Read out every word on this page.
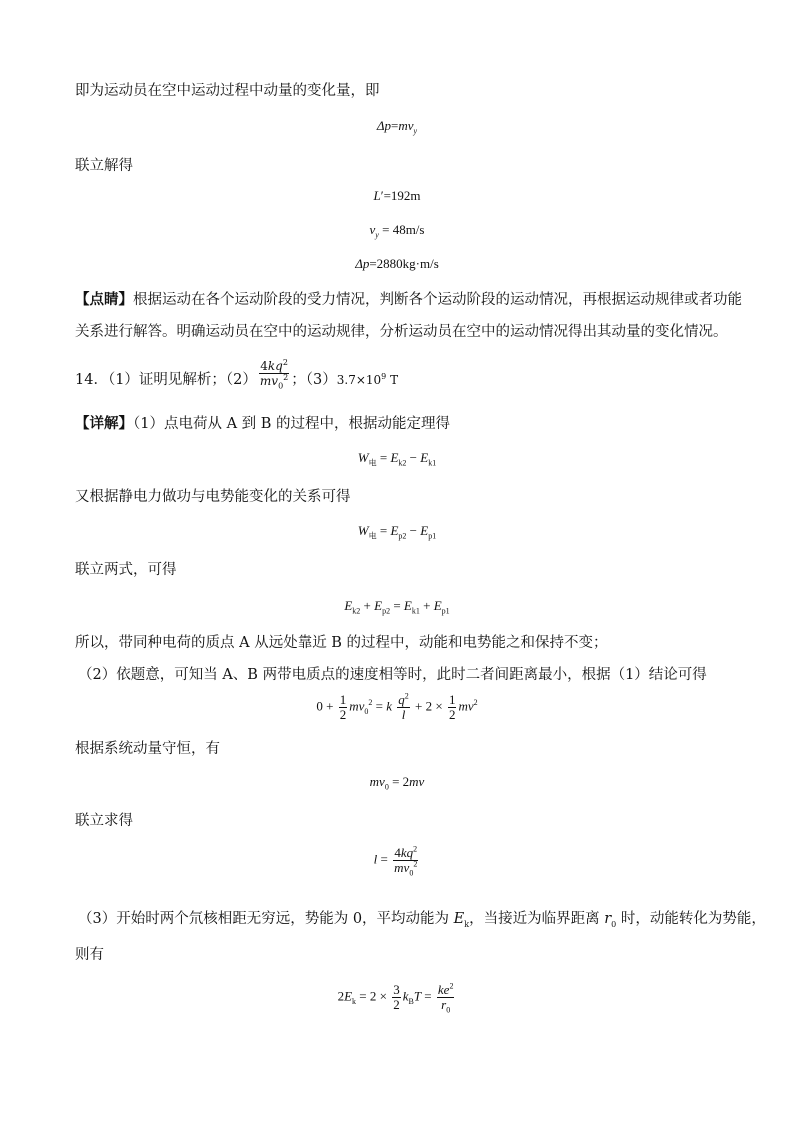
即为运动员在空中运动过程中动量的变化量，即
$\Delta p=mv_y$
联立解得
L′=192m
$v_y = 48m/s$
Δp=2880kg·m/s
【点睛】根据运动在各个运动阶段的受力情况，判断各个运动阶段的运动情况，再根据运动规律或者功能
关系进行解答。明确运动员在空中的运动规律，分析运动员在空中的运动情况得出其动量的变化情况。
14．（1）证明见解析；$(2) \frac{4kq^2}{mv_0^2}$ ；$(3)3.7\times 10^9$ T
【详解】（1）点电荷从 A 到 B 的过程中，根据动能定理得
$W_电 = E_{k2} - E_{k1}$
又根据静电力做功与电势能变化的关系可得
$W_电 = E_{p2} - E_{p1}$
联立两式，可得
$E_{k2} + E_{p2} = E_{k1} + E_{p1}$
所以，带同种电荷的质点 A 从远处靠近 B 的过程中，动能和电势能之和保持不变；
（2）依题意，可知当 A、B 两带电质点的速度相等时，此时二者间距离最小，根据（1）结论可得
$0 + \frac{1}{2} mv_0^2 = k \frac{q^2}{l} + 2 \times \frac{1}{2} mv^2$
根据系统动量守恒，有
$mv_0 = 2mv$
联立求得
$l = \frac{4kq^2}{mv_0^2}$
（3）开始时两个氘核相距无穷远，势能为 0，平均动能为 $E_k$，当接近为临界距离 $r_0$ 时，动能转化为势能，
则有
$2E_k = 2 \times \frac{3}{2} k_BT = \frac{ke^2}{r_0}$
